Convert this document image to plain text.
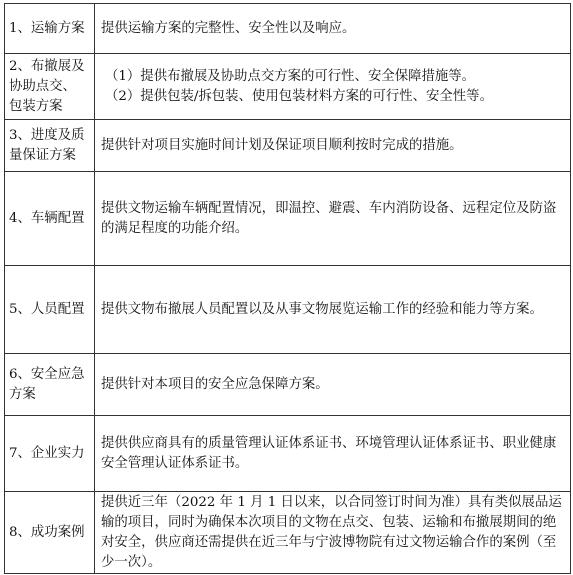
1、运输方案	提供运输方案的完整性、安全性以及响应。

2、布撤展及
协助点交、
包装方案	（1）提供布撤展及协助点交方案的可行性、安全保障措施等。
（2）提供包装/拆包装、使用包装材料方案的可行性、安全性等。

3、进度及质
量保证方案	提供针对项目实施时间计划及保证项目顺利按时完成的措施。

4、车辆配置	提供文物运输车辆配置情况，即温控、避震、车内消防设备、远程定位及防盗的满足程度的功能介绍。

5、人员配置	提供文物布撤展人员配置以及从事文物展览运输工作的经验和能力等方案。

6、安全应急
方案	提供针对本项目的安全应急保障方案。

7、企业实力	提供供应商具有的质量管理认证体系证书、环境管理认证体系证书、职业健康安全管理认证体系证书。

8、成功案例	提供近三年（2022 年 1 月 1 日以来，以合同签订时间为准）具有类似展品运输的项目，同时为确保本次项目的文物在点交、包装、运输和布撤展期间的绝对安全，供应商还需提供在近三年与宁波博物院有过文物运输合作的案例（至少一次）。
